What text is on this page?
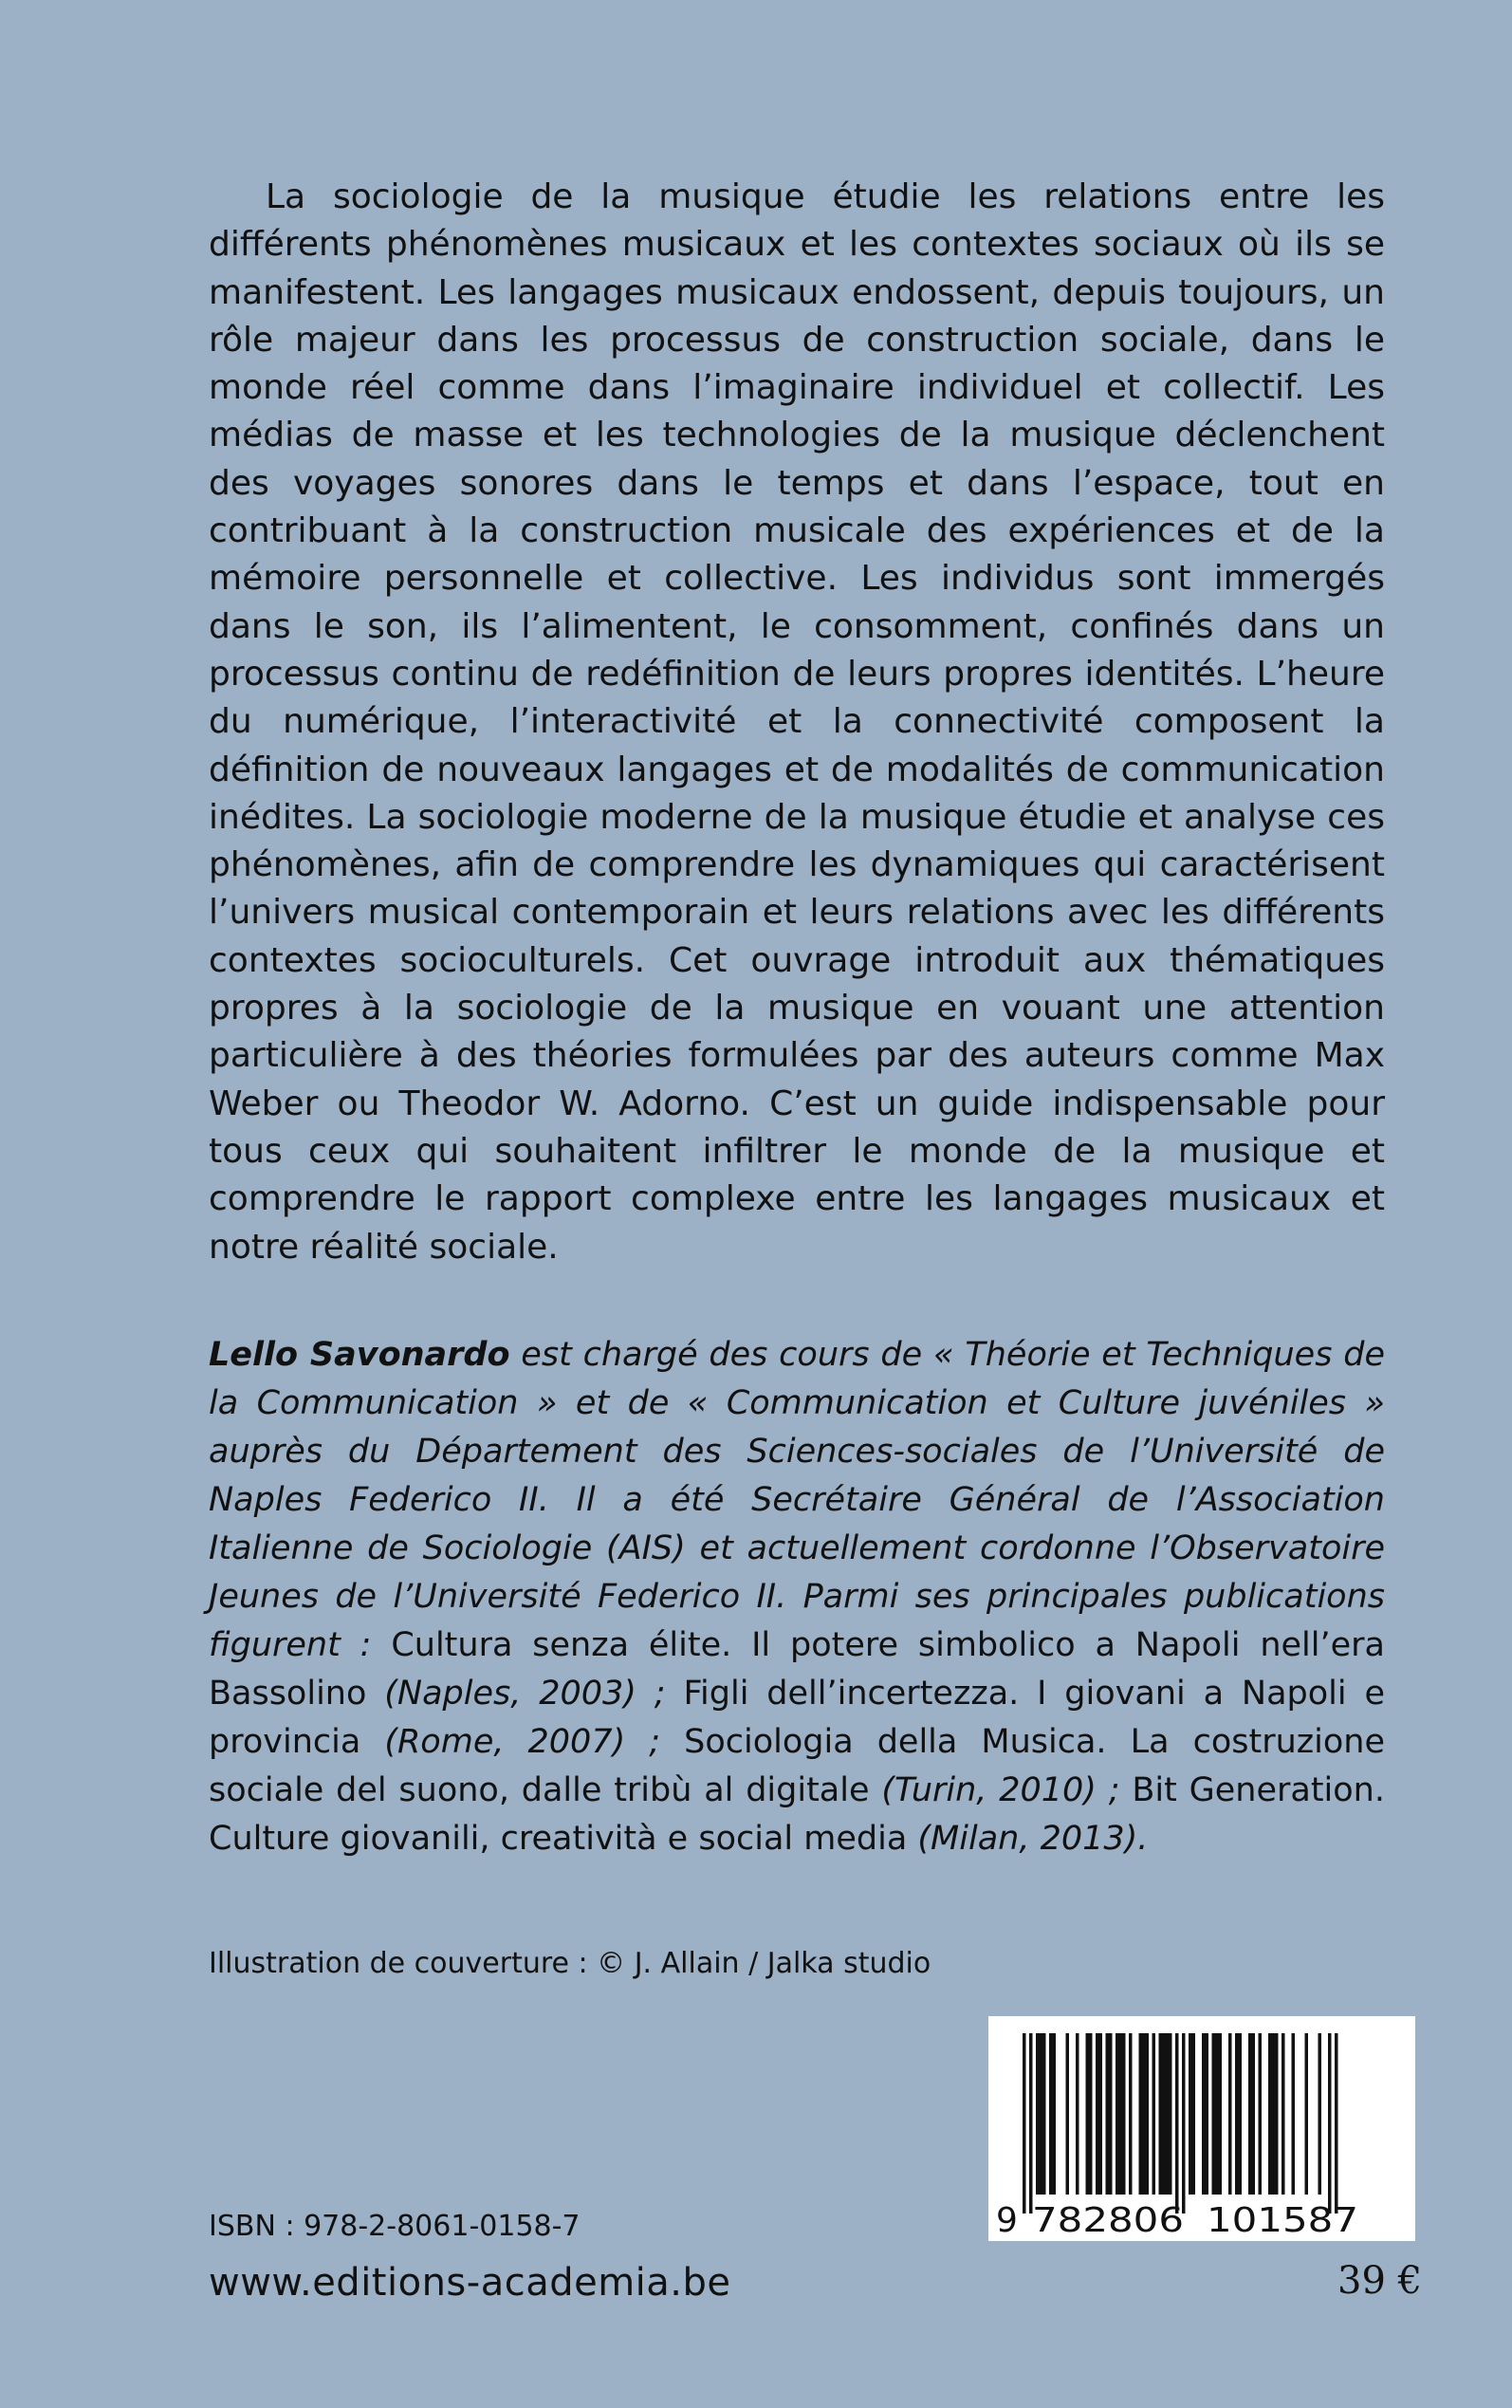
La sociologie de la musique étudie les relations entre les différents phénomènes musicaux et les contextes sociaux où ils se manifestent. Les langages musicaux endossent, depuis toujours, un rôle majeur dans les processus de construction sociale, dans le monde réel comme dans l’imaginaire individuel et collectif. Les médias de masse et les technologies de la musique déclenchent des voyages sonores dans le temps et dans l’espace, tout en contribuant à la construction musicale des expériences et de la mémoire personnelle et collective. Les individus sont immergés dans le son, ils l’alimentent, le consomment, confinés dans un processus continu de redéfinition de leurs propres identités. L’heure du numérique, l’interactivité et la connectivité composent la définition de nouveaux langages et de modalités de communication inédites. La sociologie moderne de la musique étudie et analyse ces phénomènes, afin de comprendre les dynamiques qui caractérisent l’univers musical contemporain et leurs relations avec les différents contextes socioculturels. Cet ouvrage introduit aux thématiques propres à la sociologie de la musique en vouant une attention particulière à des théories formulées par des auteurs comme Max Weber ou Theodor W. Adorno. C’est un guide indispensable pour tous ceux qui souhaitent infiltrer le monde de la musique et comprendre le rapport complexe entre les langages musicaux et notre réalité sociale.

Lello Savonardo est chargé des cours de « Théorie et Techniques de la Communication » et de « Communication et Culture juvéniles » auprès du Département des Sciences-sociales de l’Université de Naples Federico II. Il a été Secrétaire Général de l’Association Italienne de Sociologie (AIS) et actuellement cordonne l’Observatoire Jeunes de l’Université Federico II. Parmi ses principales publications figurent : Cultura senza élite. Il potere simbolico a Napoli nell’era Bassolino (Naples, 2003) ; Figli dell’incertezza. I giovani a Napoli e provincia (Rome, 2007) ; Sociologia della Musica. La costruzione sociale del suono, dalle tribù al digitale (Turin, 2010) ; Bit Generation. Culture giovanili, creatività e social media (Milan, 2013).

Illustration de couverture : © J. Allain / Jalka studio
9 782806 101587
ISBN : 978-2-8061-0158-7
www.editions-academia.be	39 €
